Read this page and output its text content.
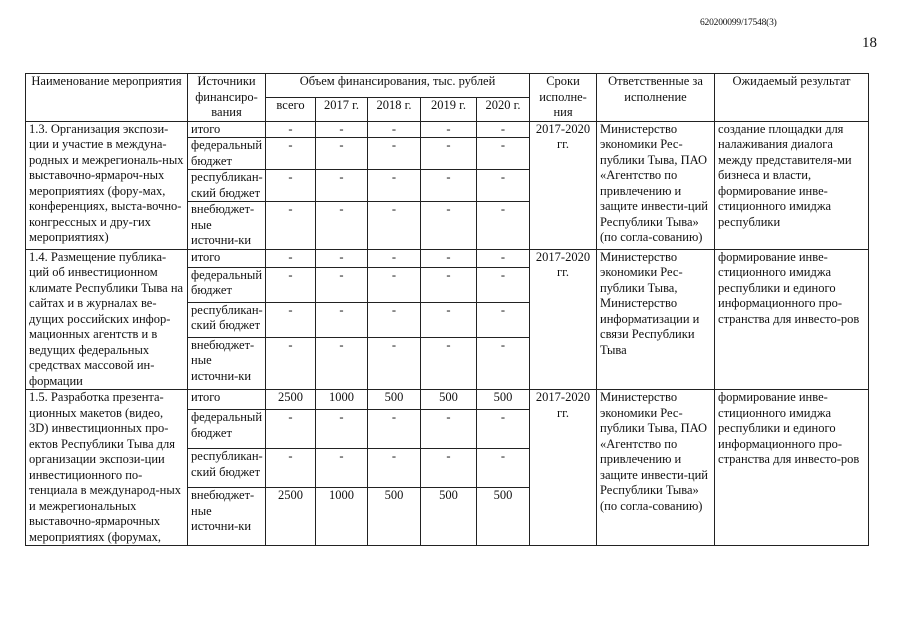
620200099/17548(3)
18
Наименование мероприятия	Источники финансиро-вания	Объем финансирования, тыс. рублей					Сроки исполне-ния	Ответственные за исполнение	Ожидаемый результат
		всего	2017 г.	2018 г.	2019 г.	2020 г.			
1.3. Организация экспози-ции и участие в междуна-родных и межрегиональ-ных выставочно-ярмароч-ных мероприятиях (фору-мах, конференциях, выста-вочно-конгрессных и дру-гих мероприятиях)	итого	-	-	-	-	-	2017-2020 гг.	Министерство экономики Рес-публики Тыва, ПАО «Агентство по привлечению и защите инвести-ций Республики Тыва» (по согла-сованию)	создание площадки для налаживания диалога между представителя-ми бизнеса и власти, формирование инве-стиционного имиджа республики
	федеральный бюджет	-	-	-	-	-			
	республикан-ский бюджет	-	-	-	-	-			
	внебюджет-ные источни-ки	-	-	-	-	-			
1.4. Размещение публика-ций об инвестиционном климате Республики Тыва на сайтах и в журналах ве-дущих российских инфор-мационных агентств и в ведущих федеральных средствах массовой ин-формации	итого	-	-	-	-	-	2017-2020 гг.	Министерство экономики Рес-публики Тыва, Министерство информатизации и связи Республики Тыва	формирование инве-стиционного имиджа республики и единого информационного про-странства для инвесто-ров
	федеральный бюджет	-	-	-	-	-			
	республикан-ский бюджет	-	-	-	-	-			
	внебюджет-ные источни-ки	-	-	-	-	-			
1.5. Разработка презента-ционных макетов (видео, 3D) инвестиционных про-ектов Республики Тыва для организации экспози-ции инвестиционного по-тенциала в междунарoд-ных и межрегиональных выставочно-ярмарочных мероприятиях (форумах,	итого	2500	1000	500	500	500	2017-2020 гг.	Министерство экономики Рес-публики Тыва, ПАО «Агентство по привлечению и защите инвести-ций Республики Тыва» (по согла-сованию)	формирование инве-стиционного имиджа республики и единого информационного про-странства для инвесто-ров
	федеральный бюджет	-	-	-	-	-			
	республикан-ский бюджет	-	-	-	-	-			
	внебюджет-ные источни-ки	2500	1000	500	500	500			
